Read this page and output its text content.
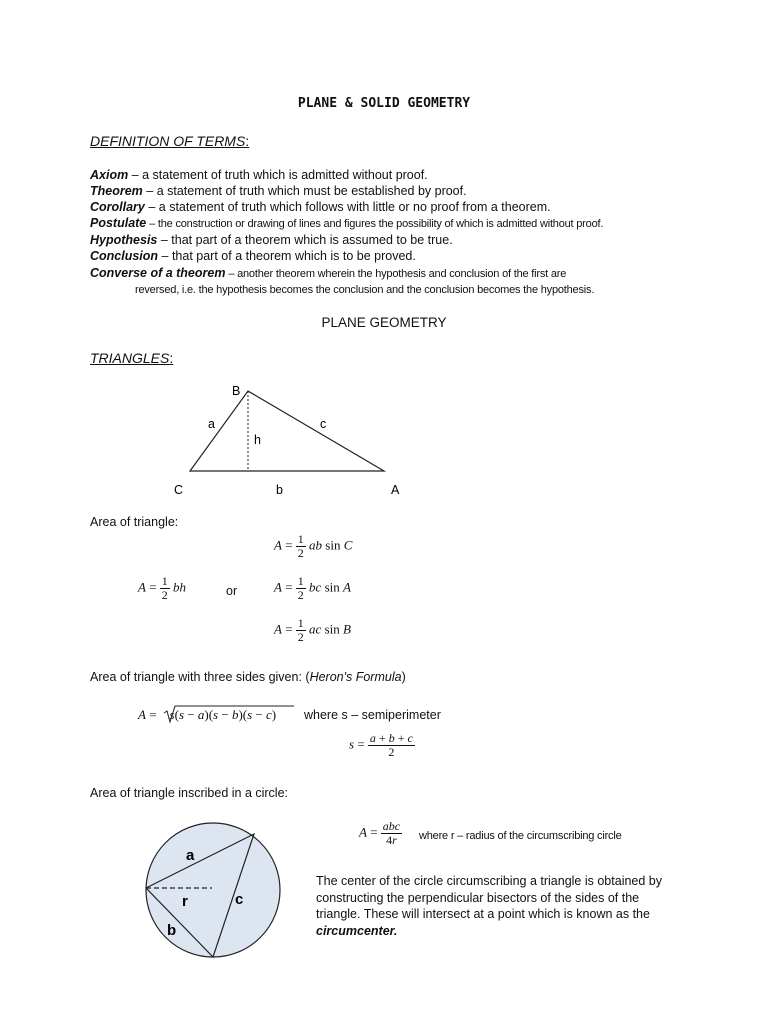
PLANE & SOLID GEOMETRY
DEFINITION OF TERMS:
Axiom – a statement of truth which is admitted without proof.
Theorem – a statement of truth which must be established by proof.
Corollary – a statement of truth which follows with little or no proof from a theorem.
Postulate – the construction or drawing of lines and figures the possibility of which is admitted without proof.
Hypothesis – that part of a theorem which is assumed to be true.
Conclusion – that part of a theorem which is to be proved.
Converse of a theorem – another theorem wherein the hypothesis and conclusion of the first are
reversed, i.e. the hypothesis becomes the conclusion and the conclusion becomes the hypothesis.
PLANE GEOMETRY
TRIANGLES:
B
a	c
h
C	b	A
a
r	c
b
Area of triangle:
$A = \frac{1}{2}$ ab sin C
$A = \frac{1}{2}$ bh	or	$A = \frac{1}{2}$ bc sin A
$A = \frac{1}{2}$ ac sin B
Area of triangle with three sides given: (Heron's Formula)
A =    s(s − a)(s − b)(s − c) where s – semiperimeter
$s = \frac{a + b + c}{2}$
Area of triangle inscribed in a circle:
$A = \frac{\text{abc}}{4r}$ where r – radius of the circumscribing circle
The center of the circle circumscribing a triangle is obtained by constructing the perpendicular bisectors of the sides of the triangle. These will intersect at a point which is known as the circumcenter.
